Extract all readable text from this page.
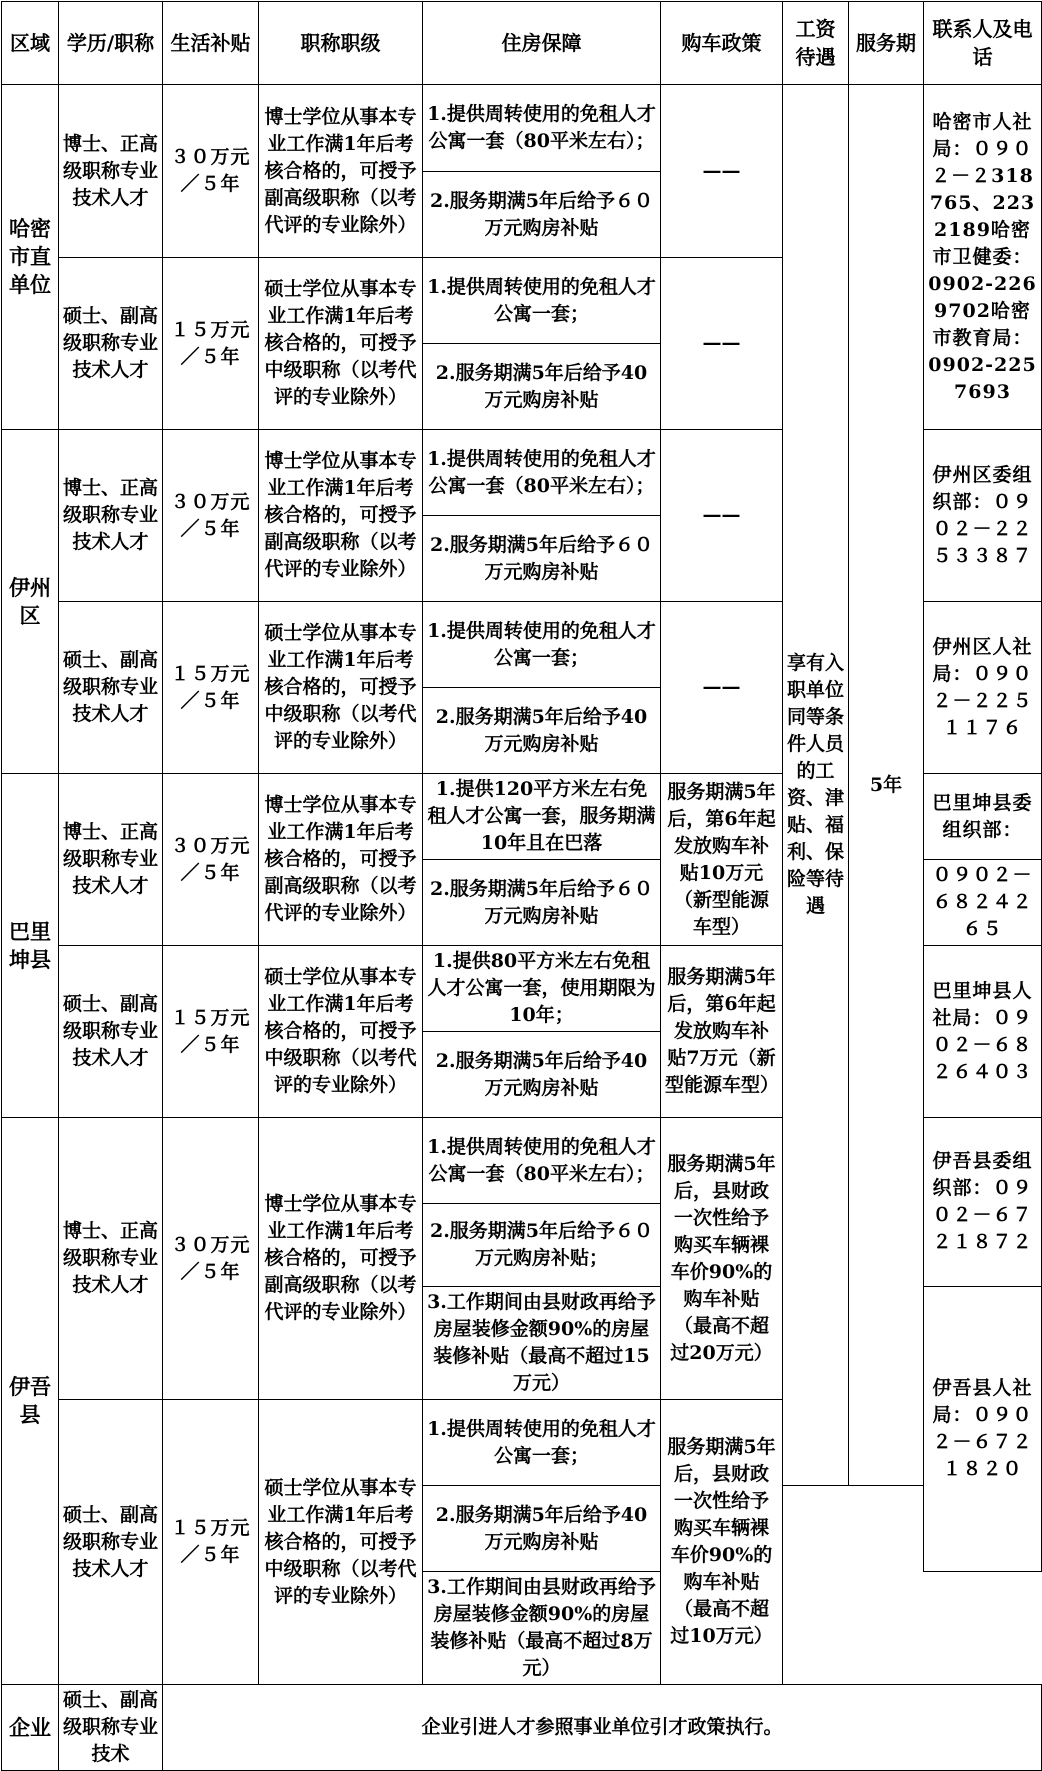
区域	学历/职称	生活补贴	职称职级	住房保障	购车政策	工资待遇	服务期	联系人及电话
哈密市直单位	博士、正高级职称专业技术人才	３０万元／５年	博士学位从事本专业工作满1年后考核合格的，可授予副高级职称（以考代评的专业除外）	1.提供周转使用的免租人才公寓一套（80平米左右）；	——	享有入职单位同等条件人员的工资、津贴、福利、保险等待遇	5年	哈密市人社局：０９０２－２318765、2232189哈密市卫健委：0902-2269702哈密市教育局：0902-2257693
				2.服务期满5年后给予６０万元购房补贴				
	硕士、副高级职称专业技术人才	１５万元／５年	硕士学位从事本专业工作满1年后考核合格的，可授予中级职称（以考代评的专业除外）	1.提供周转使用的免租人才公寓一套；	——			
				2.服务期满5年后给予40万元购房补贴				
伊州区	博士、正高级职称专业技术人才	３０万元／５年	博士学位从事本专业工作满1年后考核合格的，可授予副高级职称（以考代评的专业除外）	1.提供周转使用的免租人才公寓一套（80平米左右）；	——			伊州区委组织部：０９０２－２２５３３８７
				2.服务期满5年后给予６０万元购房补贴				
	硕士、副高级职称专业技术人才	１５万元／５年	硕士学位从事本专业工作满1年后考核合格的，可授予中级职称（以考代评的专业除外）	1.提供周转使用的免租人才公寓一套；	——			伊州区人社局：０９０２－２２５１１７６
				2.服务期满5年后给予40万元购房补贴				
巴里坤县	博士、正高级职称专业技术人才	３０万元／５年	博士学位从事本专业工作满1年后考核合格的，可授予副高级职称（以考代评的专业除外）	1.提供120平方米左右免租人才公寓一套，服务期满10年且在巴落	服务期满5年后，第6年起发放购车补贴10万元（新型能源车型）			巴里坤县委组织部：
				2.服务期满5年后给予６０万元购房补贴				０９０２－６８２４２６５
	硕士、副高级职称专业技术人才	１５万元／５年	硕士学位从事本专业工作满1年后考核合格的，可授予中级职称（以考代评的专业除外）	1.提供80平方米左右免租人才公寓一套，使用期限为10年；	服务期满5年后，第6年起发放购车补贴7万元（新型能源车型）			巴里坤县人社局：０９０２－６８２６４０３
				2.服务期满5年后给予40万元购房补贴				
伊吾县	博士、正高级职称专业技术人才	３０万元／５年	博士学位从事本专业工作满1年后考核合格的，可授予副高级职称（以考代评的专业除外）	1.提供周转使用的免租人才公寓一套（80平米左右）；	服务期满5年后，县财政一次性给予购买车辆裸车价90%的购车补贴（最高不超过20万元）			伊吾县委组织部：０９０２－６７２１８７２
				2.服务期满5年后给予６０万元购房补贴；				
				3.工作期间由县财政再给予房屋装修金额90%的房屋装修补贴（最高不超过15万元）				伊吾县人社局：０９０２－６７２１８２０
	硕士、副高级职称专业技术人才	１５万元／５年	硕士学位从事本专业工作满1年后考核合格的，可授予中级职称（以考代评的专业除外）	1.提供周转使用的免租人才公寓一套；	服务期满5年后，县财政一次性给予购买车辆裸车价90%的购车补贴（最高不超过10万元）			
				2.服务期满5年后给予40万元购房补贴				
				3.工作期间由县财政再给予房屋装修金额90%的房屋装修补贴（最高不超过8万元）				
企业	硕士、副高级职称专业技术	企业引进人才参照事业单位引才政策执行。						
